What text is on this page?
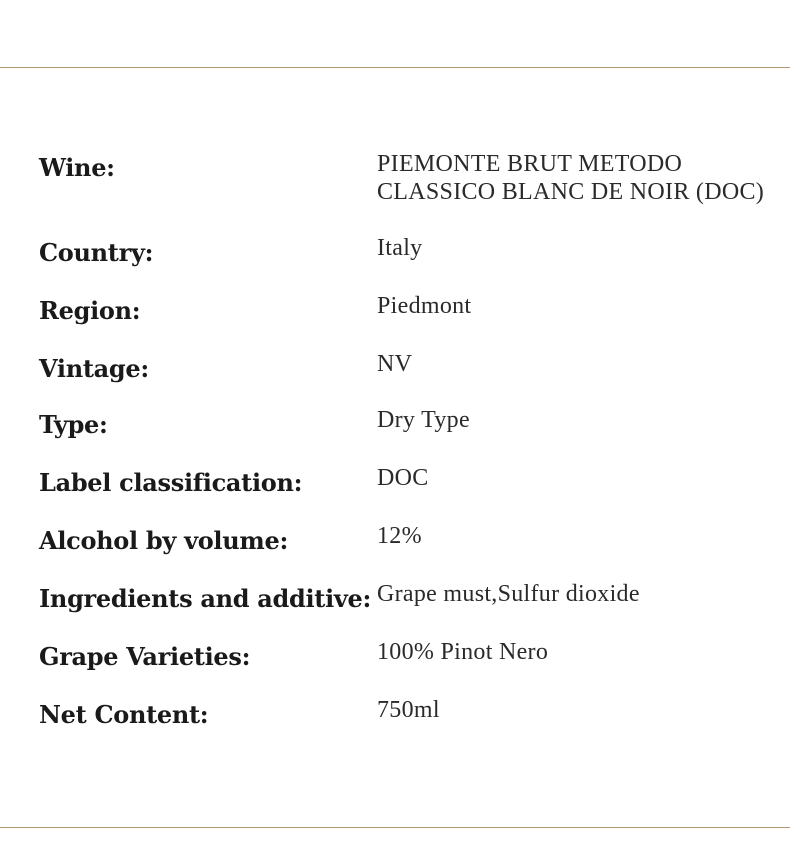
Wine:	PIEMONTE BRUT METODO
CLASSICO BLANC DE NOIR (DOC)
Country:	Italy
Region:	Piedmont
Vintage:	NV
Type:	Dry Type
Label classification:	DOC
Alcohol by volume:	12%
Ingredients and additive: Grape must,Sulfur dioxide
Grape Varieties:	100% Pinot Nero
Net Content:	750ml
